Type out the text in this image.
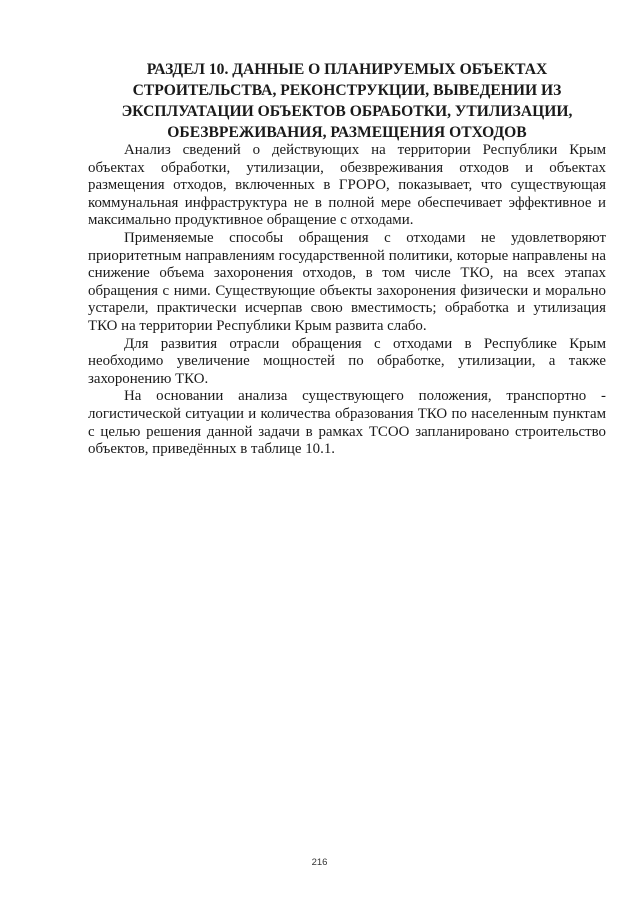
РАЗДЕЛ 10. ДАННЫЕ О ПЛАНИРУЕМЫХ ОБЪЕКТАХ
СТРОИТЕЛЬСТВА, РЕКОНСТРУКЦИИ, ВЫВЕДЕНИИ ИЗ
ЭКСПЛУАТАЦИИ ОБЪЕКТОВ ОБРАБОТКИ, УТИЛИЗАЦИИ,
ОБЕЗВРЕЖИВАНИЯ, РАЗМЕЩЕНИЯ ОТХОДОВ

Анализ сведений о действующих на территории Республики Крым объектах обработки, утилизации, обезвреживания отходов и объектах размещения отходов, включенных в ГРОРО, показывает, что существующая коммунальная инфраструктура не в полной мере обеспечивает эффективное и максимально продуктивное обращение с отходами.

Применяемые способы обращения с отходами не удовлетворяют приоритетным направлениям государственной политики, которые направлены на снижение объема захоронения отходов, в том числе ТКО, на всех этапах обращения с ними. Существующие объекты захоронения физически и морально устарели, практически исчерпав свою вместимость; обработка и утилизация ТКО на территории Республики Крым развита слабо.

Для развития отрасли обращения с отходами в Республике Крым необходимо увеличение мощностей по обработке, утилизации, а также захоронению ТКО.

На основании анализа существующего положения, транспортно - логистической ситуации и количества образования ТКО по населенным пунктам с целью решения данной задачи в рамках ТСОО запланировано строительство объектов, приведённых в таблице 10.1.

216
